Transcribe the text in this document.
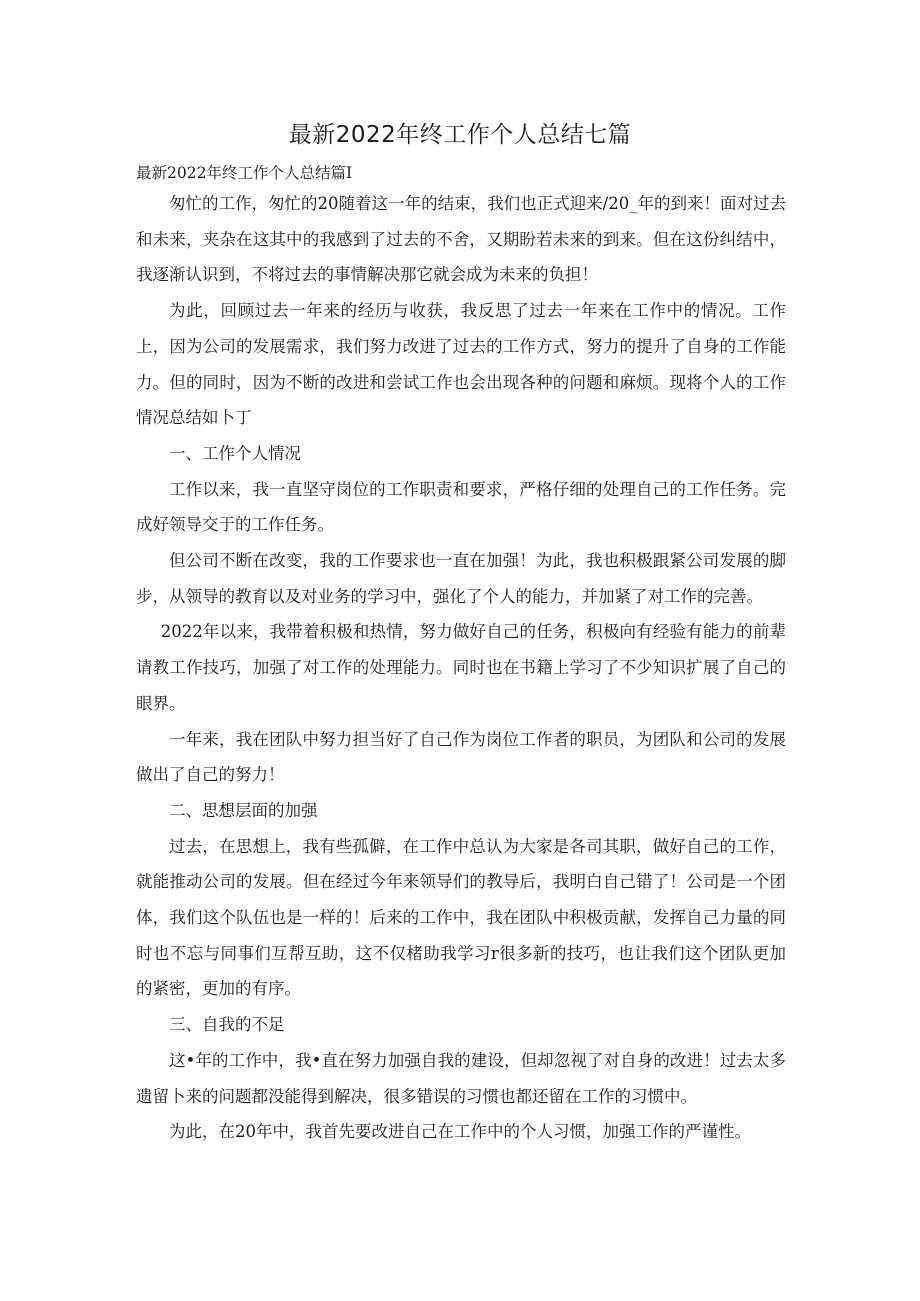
最新2022年终工作个人总结七篇

最新2022年终工作个人总结篇I

匆忙的工作，匆忙的20随着这一年的结束，我们也正式迎来/20_年的到来！面对过去和未来，夹杂在这其中的我感到了过去的不舍，又期盼若未来的到来。但在这份纠结中，我逐渐认识到，不将过去的事情解决那它就会成为未来的负担！

为此，回顾过去一年来的经历与收获，我反思了过去一年来在工作中的情况。工作上，因为公司的发展需求，我们努力改进了过去的工作方式，努力的提升了自身的工作能力。但的同时，因为不断的改进和尝试工作也会出现各种的问题和麻烦。现将个人的工作情况总结如卜丁

一、工作个人情况

工作以来，我一直坚守岗位的工作职责和要求，严格仔细的处理自己的工作任务。完成好领导交于的工作任务。

但公司不断在改变，我的工作要求也一直在加强！为此，我也积极跟紧公司发展的脚步，从领导的教育以及对业务的学习中，强化了个人的能力，并加紧了对工作的完善。

2022年以来，我带着积极和热情，努力做好自己的任务，积极向有经验有能力的前辈请教工作技巧，加强了对工作的处理能力。同时也在书籍上学习了不少知识扩展了自己的眼界。

一年来，我在团队中努力担当好了自己作为岗位工作者的职员，为团队和公司的发展做出了自己的努力！

二、思想层面的加强

过去，在思想上，我有些孤僻，在工作中总认为大家是各司其职，做好自己的工作，就能推动公司的发展。但在经过今年来领导们的教导后，我明白自己错了！公司是一个团体，我们这个队伍也是一样的！后来的工作中，我在团队中积极贡献，发挥自己力量的同时也不忘与同事们互帮互助，这不仅楮助我学习r很多新的技巧，也让我们这个团队更加的紧密，更加的有序。

三、自我的不足

这•年的工作中，我•直在努力加强自我的建设，但却忽视了对自身的改进！过去太多遗留卜来的问题都没能得到解决，很多错误的习惯也都还留在工作的习惯中。

为此，在20年中，我首先要改进自己在工作中的个人习惯，加强工作的严谨性。
